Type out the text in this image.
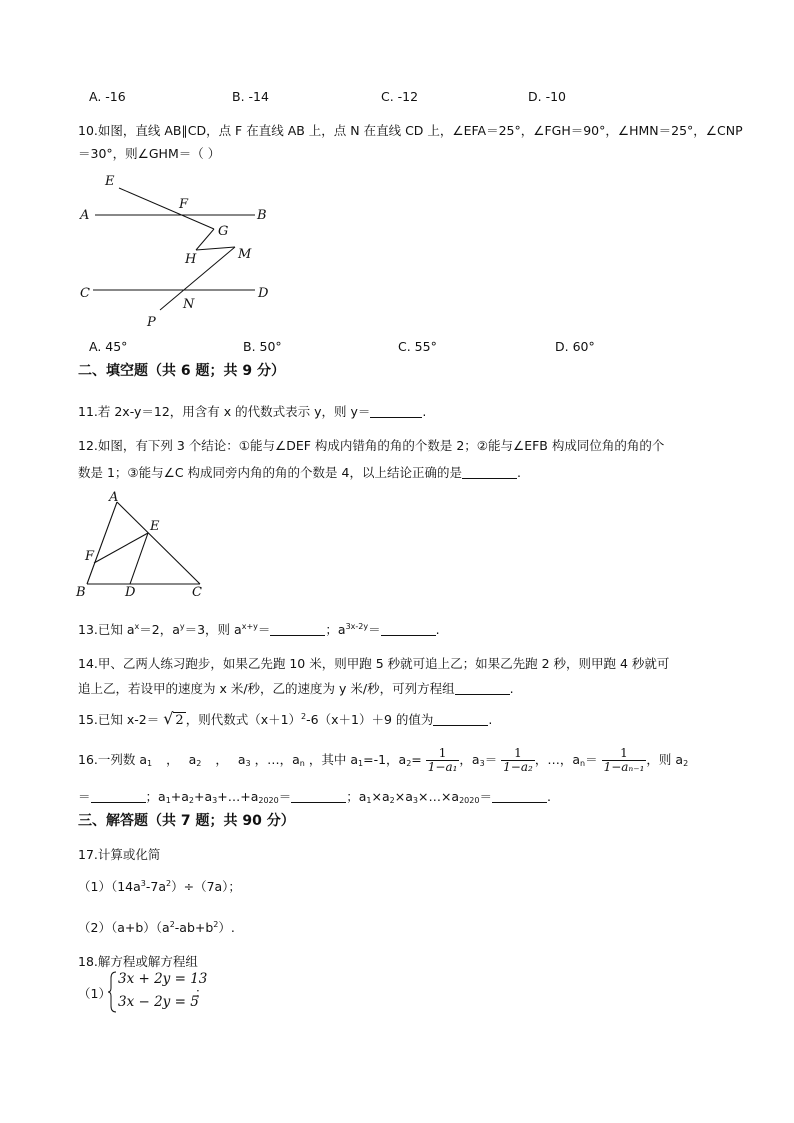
A. -16	B. -14	C. -12	D. -10
10.如图，直线 AB∥CD，点 F 在直线 AB 上，点 N 在直线 CD 上，∠EFA＝25°，∠FGH＝90°，∠HMN＝25°，∠CNP
＝30°，则∠GHM＝（ ）
E
F
A	B
G
H	M
C
N
D
P
A. 45°	B. 50°	C. 55°	D. 60°
二、填空题（共 6 题；共 9 分）
11.若 2x-y＝12，用含有 x 的代数式表示 y，则 y＝	.
12.如图，有下列 3 个结论：①能与∠DEF 构成内错角的角的个数是 2；②能与∠EFB 构成同位角的角的个
数是 1；③能与∠C 构成同旁内角的角的个数是 4，以上结论正确的是	.
A
E
F
B	D	C
13.已知 $a^x=2$，$a^y=3$，则 $a^{x+y}=$	；$a^{3x-2y}=$	.
14.甲、乙两人练习跑步，如果乙先跑 10 米，则甲跑 5 秒就可追上乙；如果乙先跑 2 秒，则甲跑 4 秒就可
追上乙，若设甲的速度为 x 米/秒，乙的速度为 y 米/秒，可列方程组	.
15.已知 x-2＝ √ 2 ，则代数式$(x+1)^2-6(x+1)+9$ 的值为	.
16.一列数 $a_1$ ， $a_2$ ， $a_3$ ，…，$a_n$ ，其中 $a_1=-1$，$a_2= \frac{1}{\text{1−a₁}}$ ，$a_3= \frac{1}{\text{1−a₂}}$ ，…，$a_n= \frac{1}{\text{1−aₙ₋₁}}$ ，则 $a_2$
＝	；$a_1+a_2+a_3+\dots+a_{2020}=$	；$a_1\times a_2\times a_3\times\dots\times a_{2020}=$	.
三、解答题（共 7 题；共 90 分）
17.计算或化简
$(1)(14a^3-7a^2)\div(7a)$；
$(2)(a+b)(a^2-ab+b^2)$.
18.解方程或解方程组
（1）
3x + 2y = 13
3x − 2y = 5
；
